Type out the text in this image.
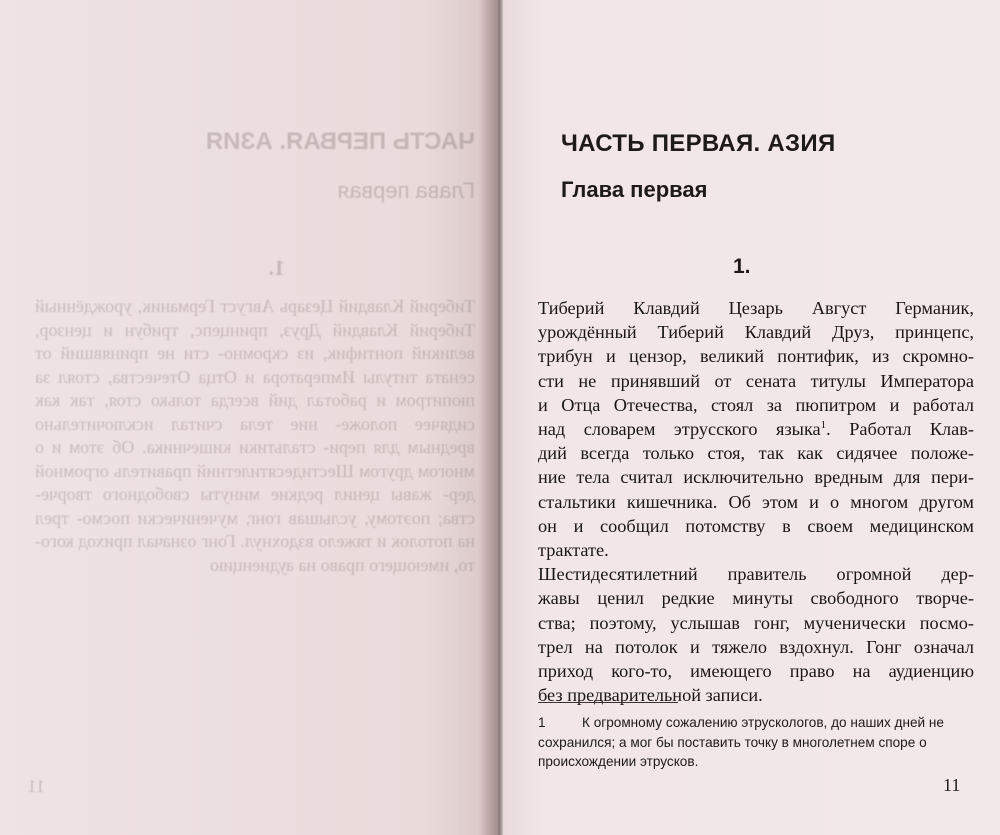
ЧАСТЬ ПЕРВАЯ. АЗИЯ
Глава первая
1.
Тиберий Клавдий Цезарь Август Германик, урождённый Тиберий Клавдий Друз, принцепс, трибун и цензор, великий понтифик, из скромно- сти не принявший от сената титулы Императора и Отца Отечества, стоял за пюпитром и работал дий всегда только стоя, так как сидячее положе- ние тела считал исключительно вредным для пери- стальтики кишечника. Об этом и о многом другом Шестидесятилетний правитель огромной дер- жавы ценил редкие минуты свободного творче- ства; поэтому, услышав гонг, мученически посмо- трел на потолок и тяжело вздохнул. Гонг означал приход кого-то, имеющего право на аудиенцию
11
ЧАСТЬ ПЕРВАЯ. АЗИЯ
Глава первая
1.

Тиберий Клавдий Цезарь Август Германик,
урождённый Тиберий Клавдий Друз, принцепс,
трибун и цензор, великий понтифик, из скромно-
сти не принявший от сената титулы Императора
и Отца Отечества, стоял за пюпитром и работал
над словарем этрусского языка$^1$. Работал Клав-
дий всегда только стоя, так как сидячее положе-
ние тела считал исключительно вредным для пери-
стальтики кишечника. Об этом и о многом другом
он и сообщил потомству в своем медицинском
трактате.

Шестидесятилетний правитель огромной дер-
жавы ценил редкие минуты свободного творче-
ства; поэтому, услышав гонг, мученически посмо-
трел на потолок и тяжело вздохнул. Гонг означал
приход кого-то, имеющего право на аудиенцию
без предварительной записи.

1	К огромному сожалению этрускологов, до наших дней не сохранился; а мог бы поставить точку в многолетнем споре о происхождении этрусков.
11
